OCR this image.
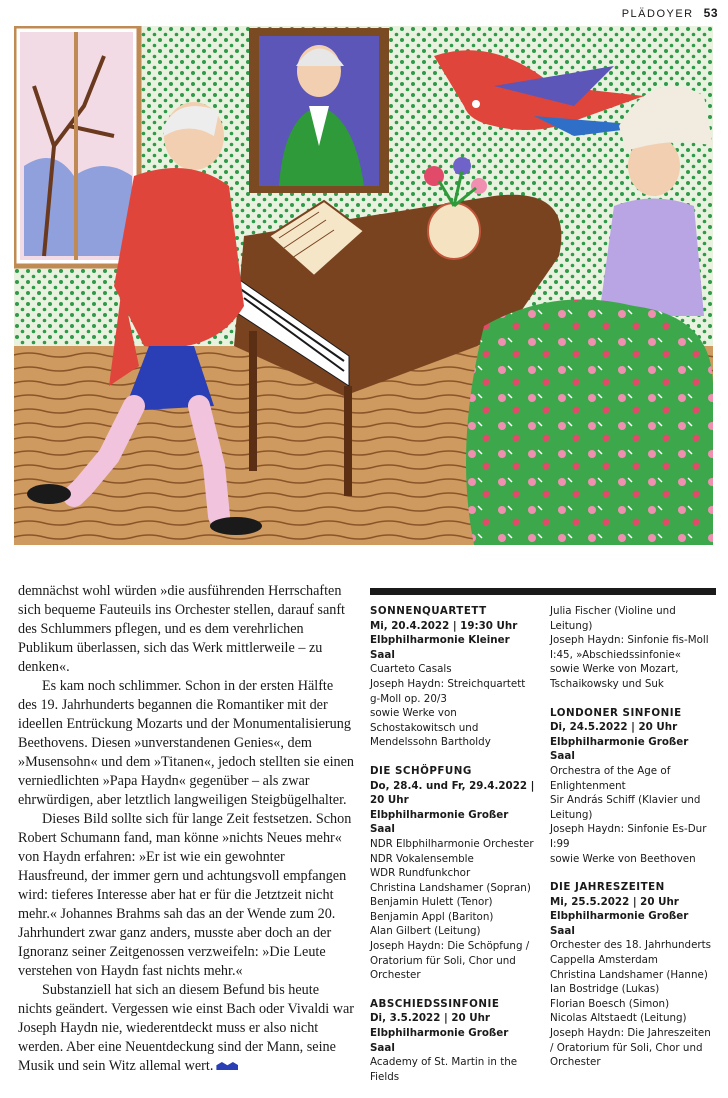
PLÄDOYER 53

demnächst wohl würden »die ausführenden Herrschaften sich bequeme Fauteuils ins Orchester stellen, darauf sanft des Schlummers pflegen, und es dem verehrlichen Publikum überlassen, sich das Werk mittlerweile – zu denken«.

Es kam noch schlimmer. Schon in der ersten Hälfte des 19. Jahrhunderts begannen die Romantiker mit der ideellen Entrückung Mozarts und der Monumentalisierung Beethovens. Diesen »unverstandenen Genies«, dem »Musensohn« und dem »Titanen«, jedoch stellten sie einen verniedlichten »Papa Haydn« gegenüber – als zwar ehrwürdigen, aber letztlich langweiligen Steigbügelhalter.

Dieses Bild sollte sich für lange Zeit festsetzen. Schon Robert Schumann fand, man könne »nichts Neues mehr« von Haydn erfahren: »Er ist wie ein gewohnter Hausfreund, der immer gern und achtungsvoll empfangen wird: tieferes Interesse aber hat er für die Jetztzeit nicht mehr.« Johannes Brahms sah das an der Wende zum 20. Jahrhundert zwar ganz anders, musste aber doch an der Ignoranz seiner Zeitgenossen verzweifeln: »Die Leute verstehen von Haydn fast nichts mehr.«

Substanziell hat sich an diesem Befund bis heute nichts geändert. Vergessen wie einst Bach oder Vivaldi war Joseph Haydn nie, wiederentdeckt muss er also nicht werden. Aber eine Neuentdeckung sind der Mann, seine Musik und sein Witz allemal wert.

SONNENQUARTETT
Mi, 20.4.2022 | 19:30 Uhr
Elbphilharmonie Kleiner Saal
Cuarteto Casals
Joseph Haydn: Streichquartett g-Moll op. 20/3
sowie Werke von Schostakowitsch und Mendelssohn Bartholdy
DIE SCHÖPFUNG
Do, 28.4. und Fr, 29.4.2022 | 20 Uhr
Elbphilharmonie Großer Saal
NDR Elbphilharmonie Orchester
NDR Vokalensemble
WDR Rundfunkchor
Christina Landshamer (Sopran)
Benjamin Hulett (Tenor)
Benjamin Appl (Bariton)
Alan Gilbert (Leitung)
Joseph Haydn: Die Schöpfung / Oratorium für Soli, Chor und Orchester
ABSCHIEDSSINFONIE
Di, 3.5.2022 | 20 Uhr
Elbphilharmonie Großer Saal
Academy of St. Martin in the Fields
Julia Fischer (Violine und Leitung)
Joseph Haydn: Sinfonie fis-Moll I:45, »Abschiedssinfonie«
sowie Werke von Mozart, Tschaikowsky und Suk
LONDONER SINFONIE
Di, 24.5.2022 | 20 Uhr
Elbphilharmonie Großer Saal
Orchestra of the Age of Enlightenment
Sir András Schiff (Klavier und Leitung)
Joseph Haydn: Sinfonie Es-Dur I:99
sowie Werke von Beethoven
DIE JAHRESZEITEN
Mi, 25.5.2022 | 20 Uhr
Elbphilharmonie Großer Saal
Orchester des 18. Jahrhunderts
Cappella Amsterdam
Christina Landshamer (Hanne)
Ian Bostridge (Lukas)
Florian Boesch (Simon)
Nicolas Altstaedt (Leitung)
Joseph Haydn: Die Jahreszeiten / Oratorium für Soli, Chor und Orchester
